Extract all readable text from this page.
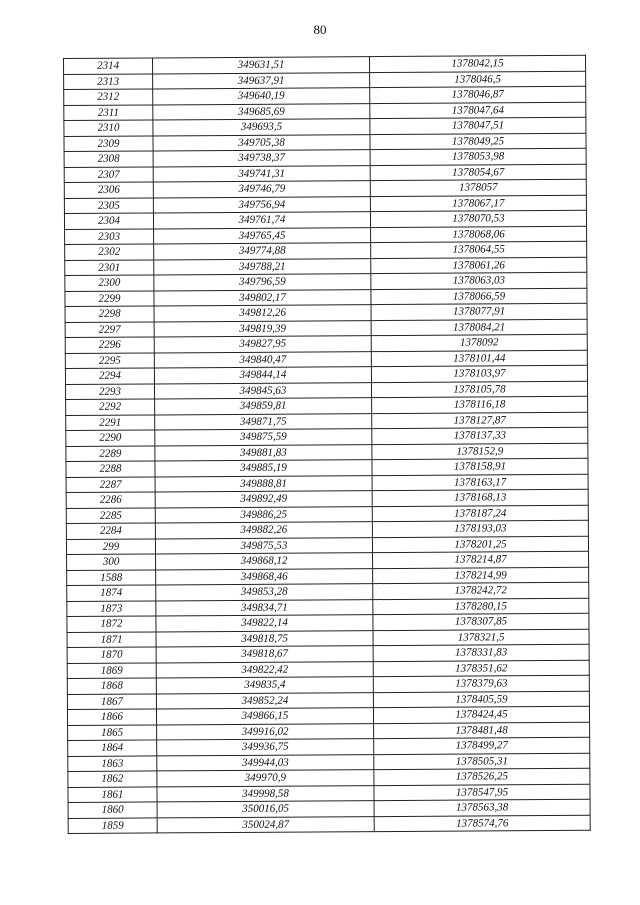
80
2314	349631,51	1378042,15
2313	349637,91	1378046,5
2312	349640,19	1378046,87
2311	349685,69	1378047,64
2310	349693,5	1378047,51
2309	349705,38	1378049,25
2308	349738,37	1378053,98
2307	349741,31	1378054,67
2306	349746,79	1378057
2305	349756,94	1378067,17
2304	349761,74	1378070,53
2303	349765,45	1378068,06
2302	349774,88	1378064,55
2301	349788,21	1378061,26
2300	349796,59	1378063,03
2299	349802,17	1378066,59
2298	349812,26	1378077,91
2297	349819,39	1378084,21
2296	349827,95	1378092
2295	349840,47	1378101,44
2294	349844,14	1378103,97
2293	349845,63	1378105,78
2292	349859,81	1378116,18
2291	349871,75	1378127,87
2290	349875,59	1378137,33
2289	349881,83	1378152,9
2288	349885,19	1378158,91
2287	349888,81	1378163,17
2286	349892,49	1378168,13
2285	349886,25	1378187,24
2284	349882,26	1378193,03
299	349875,53	1378201,25
300	349868,12	1378214,87
1588	349868,46	1378214,99
1874	349853,28	1378242,72
1873	349834,71	1378280,15
1872	349822,14	1378307,85
1871	349818,75	1378321,5
1870	349818,67	1378331,83
1869	349822,42	1378351,62
1868	349835,4	1378379,63
1867	349852,24	1378405,59
1866	349866,15	1378424,45
1865	349916,02	1378481,48
1864	349936,75	1378499,27
1863	349944,03	1378505,31
1862	349970,9	1378526,25
1861	349998,58	1378547,95
1860	350016,05	1378563,38
1859	350024,87	1378574,76
